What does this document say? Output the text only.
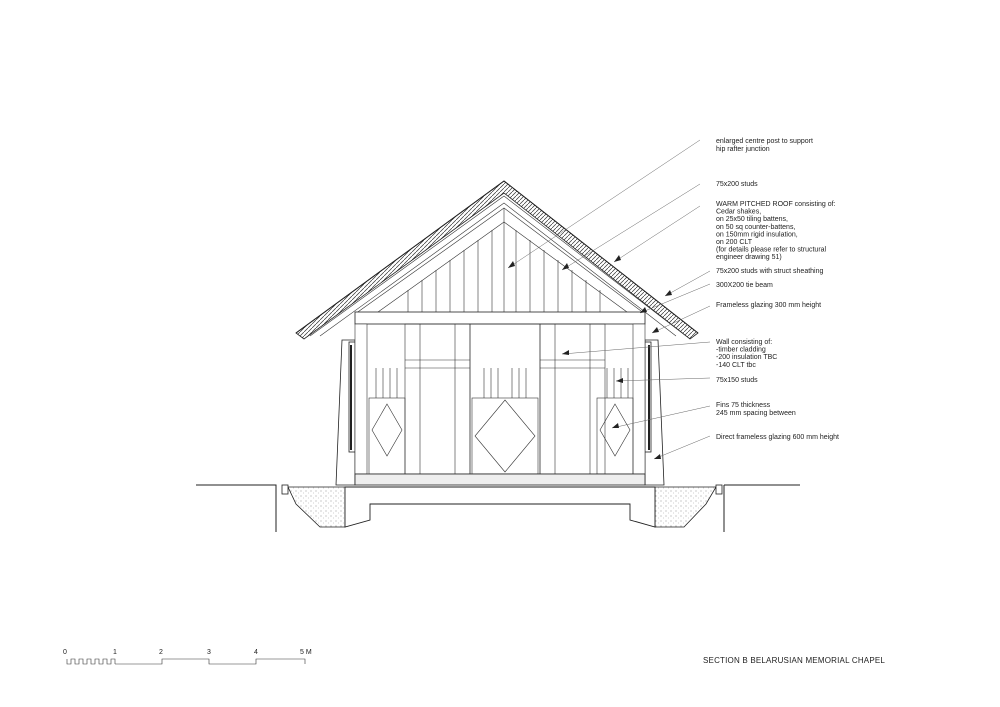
enlarged centre post to support hip rafter junction
75x200 studs
WARM PITCHED ROOF consisting of: Cedar shakes, on 25x50 tiling battens, on 50 sq counter-battens, on 150mm rigid insulation, on 200 CLT (for details please refer to structural engineer drawing 51)
75x200 studs with struct sheathing
300X200 tie beam
Frameless glazing 300 mm height
Wall consisting of: -timber cladding -200 insulation TBC -140 CLT tbc
75x150 studs
Fins 75 thickness 245 mm spacing between
Direct frameless glazing 600 mm height
0	1	2	3	4	5 M
SECTION B BELARUSIAN MEMORIAL CHAPEL
